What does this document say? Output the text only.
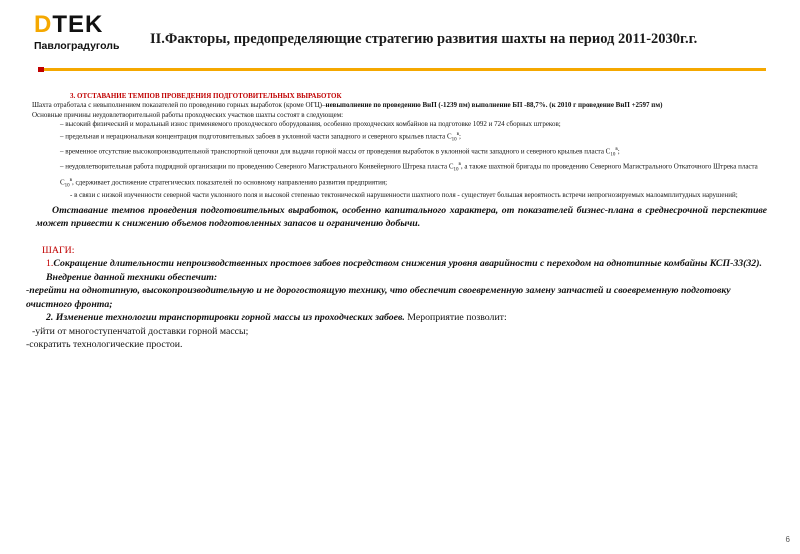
DTEK
Павлоградуголь	II.Факторы, предопределяющие стратегию развития шахты на период 2011-2030г.г.
3. ОТСТАВАНИЕ ТЕМПОВ ПРОВЕДЕНИЯ ПОДГОТОВИТЕЛЬНЫХ ВЫРАБОТОК
Шахта отработала с невыполнением показателей по проведению горных выработок (кроме ОГЦ)–невыполнение по проведению ВнП (-1239 пм) выполнение БП -88,7%. (к 2010 г проведение ВнП +2597 пм)
Основные причины неудовлетворительной работы проходческих участков шахты состоят в следующем:
– высокий физический и моральный износ применяемого проходческого оборудования, особенно проходческих комбайнов на подготовке 1092 и 724 сборных штреков;
– предельная и нерациональная концентрация подготовительных забоев в уклонной части западного и северного крыльев пласта $С_{10}^в$;
– временное отсутствие высокопроизводительной транспортной цепочки для выдачи горной массы от проведения выработок в уклонной части западного и северного крыльев пласта $С_{10}^в$;
– неудовлетворительная работа подрядной организации по проведению Северного Магистрального Конвейерного Штрека пласта $С_{10}^в$, а также шахтной бригады по проведению Северного Магистрального Откаточного Штрека пласта $С_{10}^в$, сдерживает достижение стратегических показателей по основному направлению развития предприятия;
- в связи с низкой изученности северной части уклонного поля и высокой степенью тектонической нарушенности шахтного поля - существует большая вероятность встречи непрогнозируемых малоамплитудных нарушений;
Отставание темпов проведения подготовительных выработок, особенно капитального характера, от показателей бизнес-плана в среднесрочной перспективе может привести к снижению объемов подготовленных запасов и ограничению добычи.
ШАГИ:
1.Сокращение длительности непроизводственных простоев забоев посредством снижения уровня аварийности с переходом на однотипные комбайны КСП-33(32). Внедрение данной техники обеспечит:
-перейти на однотипную, высокопроизводительную и не дорогостоящую технику, что обеспечит своевременную замену запчастей и своевременную подготовку очистного фронта;
2. Изменение технологии транспортировки горной массы из проходческих забоев. Мероприятие позволит:
-уйти от многоступенчатой доставки горной массы;
-сократить технологические простои.
6
